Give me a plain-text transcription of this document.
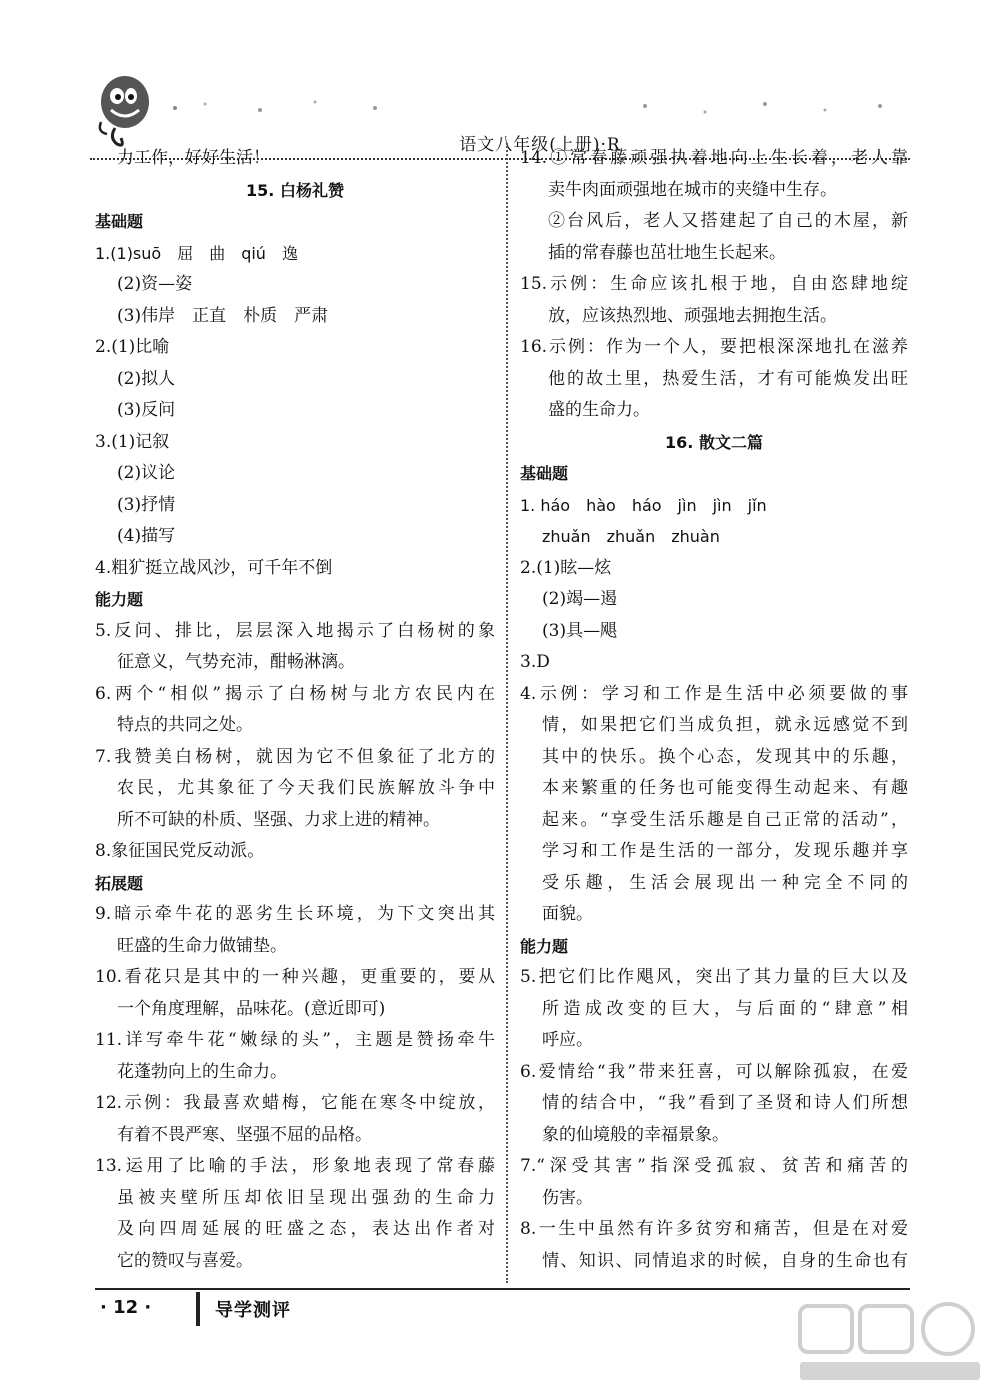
语文八年级(上册)·R
力工作，好好生活！
15. 白杨礼赞
基础题
1.(1)suō　屈　曲　qiú　逸
(2)资—姿
(3)伟岸　正直　朴质　严肃
2.(1)比喻
(2)拟人
(3)反问
3.(1)记叙
(2)议论
(3)抒情
(4)描写
4.粗犷挺立战风沙，可千年不倒
能力题
5.反问、排比，层层深入地揭示了白杨树的象
征意义，气势充沛，酣畅淋漓。
6.两个“相似”揭示了白杨树与北方农民内在
特点的共同之处。
7.我赞美白杨树，就因为它不但象征了北方的
农民，尤其象征了今天我们民族解放斗争中
所不可缺的朴质、坚强、力求上进的精神。
8.象征国民党反动派。
拓展题
9.暗示牵牛花的恶劣生长环境，为下文突出其
旺盛的生命力做铺垫。
10.看花只是其中的一种兴趣，更重要的，要从
一个角度理解，品味花。(意近即可)
11.详写牵牛花“嫩绿的头”，主题是赞扬牵牛
花蓬勃向上的生命力。
12.示例：我最喜欢蜡梅，它能在寒冬中绽放，
有着不畏严寒、坚强不屈的品格。
13.运用了比喻的手法，形象地表现了常春藤
虽被夹壁所压却依旧呈现出强劲的生命力
及向四周延展的旺盛之态，表达出作者对
它的赞叹与喜爱。
14.①常春藤顽强执着地向上生长着，老人靠
卖牛肉面顽强地在城市的夹缝中生存。
②台风后，老人又搭建起了自己的木屋，新
插的常春藤也茁壮地生长起来。
15.示例：生命应该扎根于地，自由恣肆地绽
放，应该热烈地、顽强地去拥抱生活。
16.示例：作为一个人，要把根深深地扎在滋养
他的故土里，热爱生活，才有可能焕发出旺
盛的生命力。
16. 散文二篇
基础题
1. háo　hào　háo　jìn　jìn　jǐn
zhuǎn　zhuǎn　zhuàn
2.(1)眩—炫
(2)竭—遏
(3)具—飓
3.D
4.示例：学习和工作是生活中必须要做的事
情，如果把它们当成负担，就永远感觉不到
其中的快乐。换个心态，发现其中的乐趣，
本来繁重的任务也可能变得生动起来、有趣
起来。“享受生活乐趣是自己正常的活动”，
学习和工作是生活的一部分，发现乐趣并享
受乐趣，生活会展现出一种完全不同的
面貌。
能力题
5.把它们比作飓风，突出了其力量的巨大以及
所造成改变的巨大，与后面的“肆意”相
呼应。
6.爱情给“我”带来狂喜，可以解除孤寂，在爱
情的结合中，“我”看到了圣贤和诗人们所想
象的仙境般的幸福景象。
7.“深受其害”指深受孤寂、贫苦和痛苦的
伤害。
8.一生中虽然有许多贫穷和痛苦，但是在对爱
情、知识、同情追求的时候，自身的生命也有
· 12 ·	导学测评
